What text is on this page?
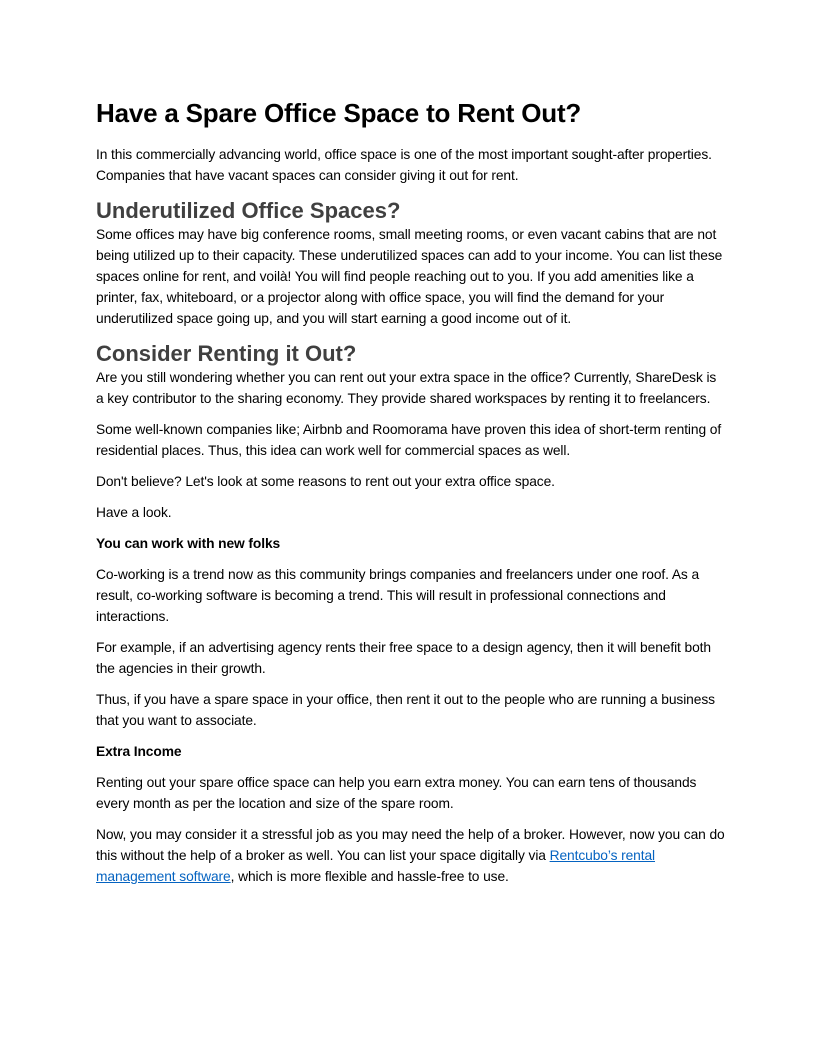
Have a Spare Office Space to Rent Out?

In this commercially advancing world, office space is one of the most important sought-after properties. Companies that have vacant spaces can consider giving it out for rent.

Underutilized Office Spaces?

Some offices may have big conference rooms, small meeting rooms, or even vacant cabins that are not being utilized up to their capacity. These underutilized spaces can add to your income. You can list these spaces online for rent, and voilà! You will find people reaching out to you. If you add amenities like a printer, fax, whiteboard, or a projector along with office space, you will find the demand for your underutilized space going up, and you will start earning a good income out of it.

Consider Renting it Out?

Are you still wondering whether you can rent out your extra space in the office? Currently, ShareDesk is a key contributor to the sharing economy. They provide shared workspaces by renting it to freelancers.

Some well-known companies like; Airbnb and Roomorama have proven this idea of short-term renting of residential places. Thus, this idea can work well for commercial spaces as well.

Don't believe? Let's look at some reasons to rent out your extra office space.

Have a look.

You can work with new folks

Co-working is a trend now as this community brings companies and freelancers under one roof. As a result, co-working software is becoming a trend. This will result in professional connections and interactions.

For example, if an advertising agency rents their free space to a design agency, then it will benefit both the agencies in their growth.

Thus, if you have a spare space in your office, then rent it out to the people who are running a business that you want to associate.

Extra Income

Renting out your spare office space can help you earn extra money. You can earn tens of thousands every month as per the location and size of the spare room.

Now, you may consider it a stressful job as you may need the help of a broker. However, now you can do this without the help of a broker as well. You can list your space digitally via Rentcubo’s rental management software, which is more flexible and hassle-free to use.
